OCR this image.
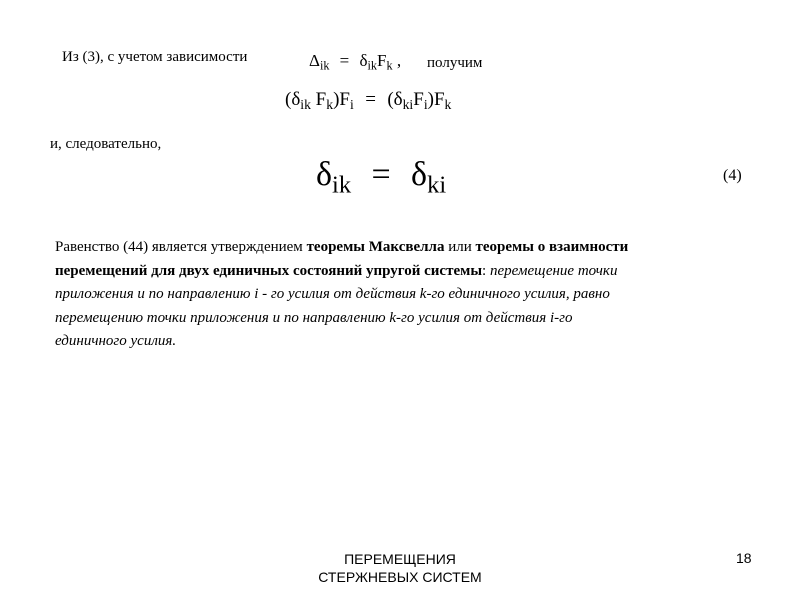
Из (3), с учетом зависимости	$\Delta_{ik} = \delta_{ik}F_k$ , получим
($\delta_{ik}$ $F_k)F_i = (\delta_{ki}F_i)F_k$
и, следовательно,
$\delta_{ik} = \delta_{ki}$	(4)
Равенство (44) является утверждением теоремы Максвелла или теоремы о взаимности
перемещений для двух единичных состояний упругой системы: перемещение точки
приложения и по направлению i - го усилия от действия k-го единичного усилия, равно
перемещению точки приложения и по направлению k-го усилия от действия i-го
единичного усилия.
ПЕРЕМЕЩЕНИЯ
СТЕРЖНЕВЫХ СИСТЕМ
18
